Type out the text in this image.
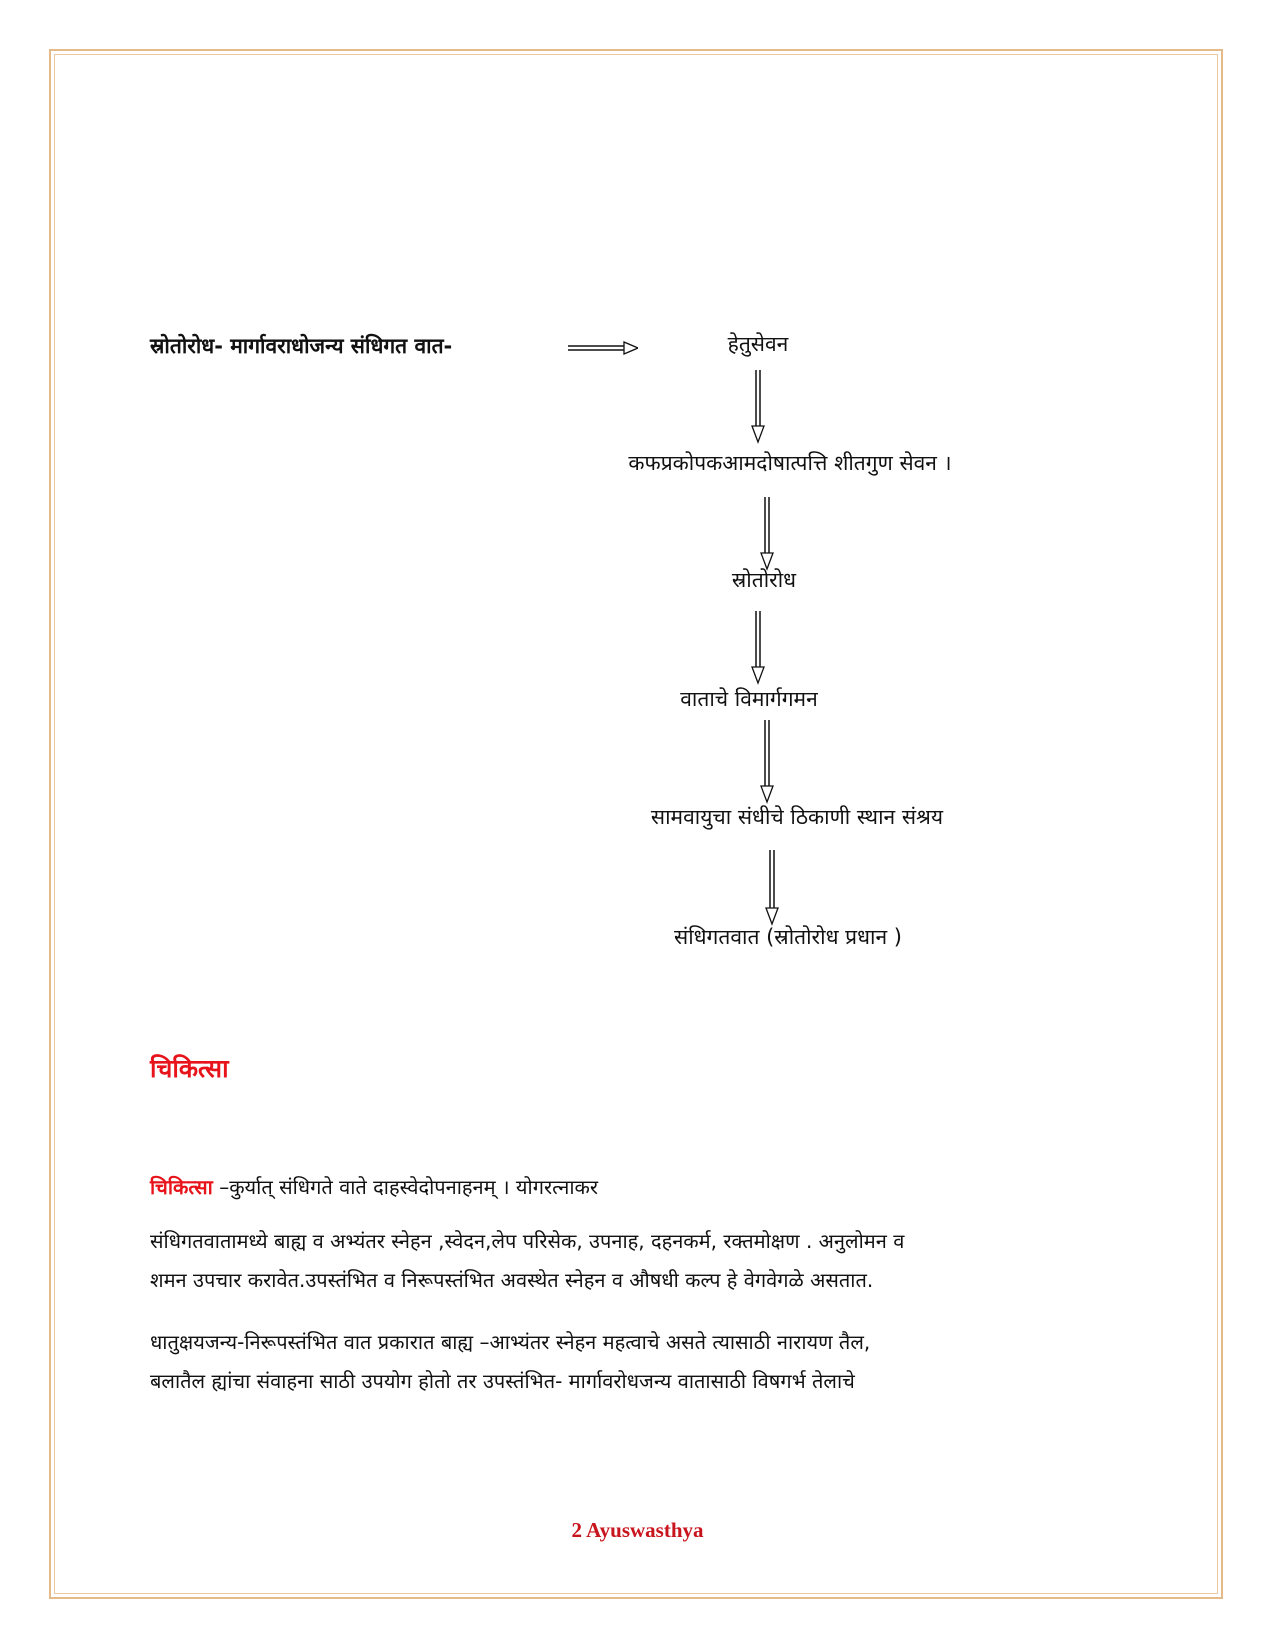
स्रोतोरोध- मार्गावराधोजन्य संधिगत वात-	हेतुसेवन
कफप्रकोपकआमदोषात्पत्ति शीतगुण सेवन ।
स्रोतोरोध
वाताचे विमार्गगमन
सामवायुचा संधीचे ठिकाणी स्थान संश्रय
संधिगतवात (स्रोतोरोध प्रधान )
चिकित्सा
चिकित्सा –कुर्यात् संधिगते वाते दाहस्वेदोपनाहनम् । योगरत्नाकर
संधिगतवातामध्ये बाह्य व अभ्यंतर स्नेहन ,स्वेदन,लेप परिसेक, उपनाह, दहनकर्म, रक्तमोक्षण . अनुलोमन व
शमन उपचार करावेत.उपस्तंभित व निरूपस्तंभित अवस्थेत स्नेहन व औषधी कल्प हे वेगवेगळे असतात.
धातुक्षयजन्य-निरूपस्तंभित वात प्रकारात बाह्य –आभ्यंतर स्नेहन महत्वाचे असते त्यासाठी नारायण तैल,
बलातैल ह्यांचा संवाहना साठी उपयोग होतो तर उपस्तंभित- मार्गावरोधजन्य वातासाठी विषगर्भ तेलाचे
2 Ayuswasthya
